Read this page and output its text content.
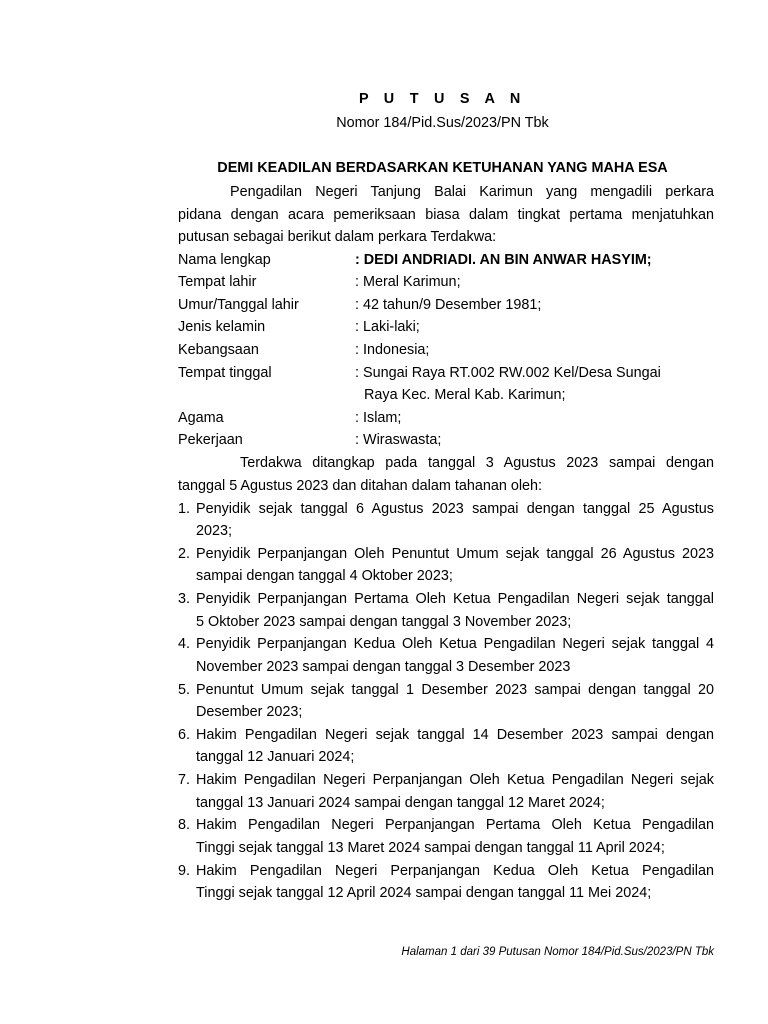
P U T U S A N
Nomor 184/Pid.Sus/2023/PN Tbk
DEMI KEADILAN BERDASARKAN KETUHANAN YANG MAHA ESA
Pengadilan Negeri Tanjung Balai Karimun yang mengadili perkara
pidana dengan acara pemeriksaan biasa dalam tingkat pertama menjatuhkan
putusan sebagai berikut dalam perkara Terdakwa:
Nama lengkap	: DEDI ANDRIADI. AN BIN ANWAR HASYIM;
Tempat lahir	: Meral Karimun;
Umur/Tanggal lahir	: 42 tahun/9 Desember 1981;
Jenis kelamin	: Laki-laki;
Kebangsaan	: Indonesia;
Tempat tinggal	: Sungai Raya RT.002 RW.002 Kel/Desa Sungai
Raya Kec. Meral Kab. Karimun;
Agama	: Islam;
Pekerjaan	: Wiraswasta;
Terdakwa ditangkap pada tanggal 3 Agustus 2023 sampai dengan
tanggal 5 Agustus 2023 dan ditahan dalam tahanan oleh:
1. Penyidik sejak tanggal 6 Agustus 2023 sampai dengan tanggal 25 Agustus
2023;
2. Penyidik Perpanjangan Oleh Penuntut Umum sejak tanggal 26 Agustus 2023
sampai dengan tanggal 4 Oktober 2023;
3. Penyidik Perpanjangan Pertama Oleh Ketua Pengadilan Negeri sejak tanggal
5 Oktober 2023 sampai dengan tanggal 3 November 2023;
4. Penyidik Perpanjangan Kedua Oleh Ketua Pengadilan Negeri sejak tanggal 4
November 2023 sampai dengan tanggal 3 Desember 2023
5. Penuntut Umum sejak tanggal 1 Desember 2023 sampai dengan tanggal 20
Desember 2023;
6. Hakim Pengadilan Negeri sejak tanggal 14 Desember 2023 sampai dengan
tanggal 12 Januari 2024;
7. Hakim Pengadilan Negeri Perpanjangan Oleh Ketua Pengadilan Negeri sejak
tanggal 13 Januari 2024 sampai dengan tanggal 12 Maret 2024;
8. Hakim Pengadilan Negeri Perpanjangan Pertama Oleh Ketua Pengadilan
Tinggi sejak tanggal 13 Maret 2024 sampai dengan tanggal 11 April 2024;
9. Hakim Pengadilan Negeri Perpanjangan Kedua Oleh Ketua Pengadilan
Tinggi sejak tanggal 12 April 2024 sampai dengan tanggal 11 Mei 2024;
Halaman 1 dari 39 Putusan Nomor 184/Pid.Sus/2023/PN Tbk
